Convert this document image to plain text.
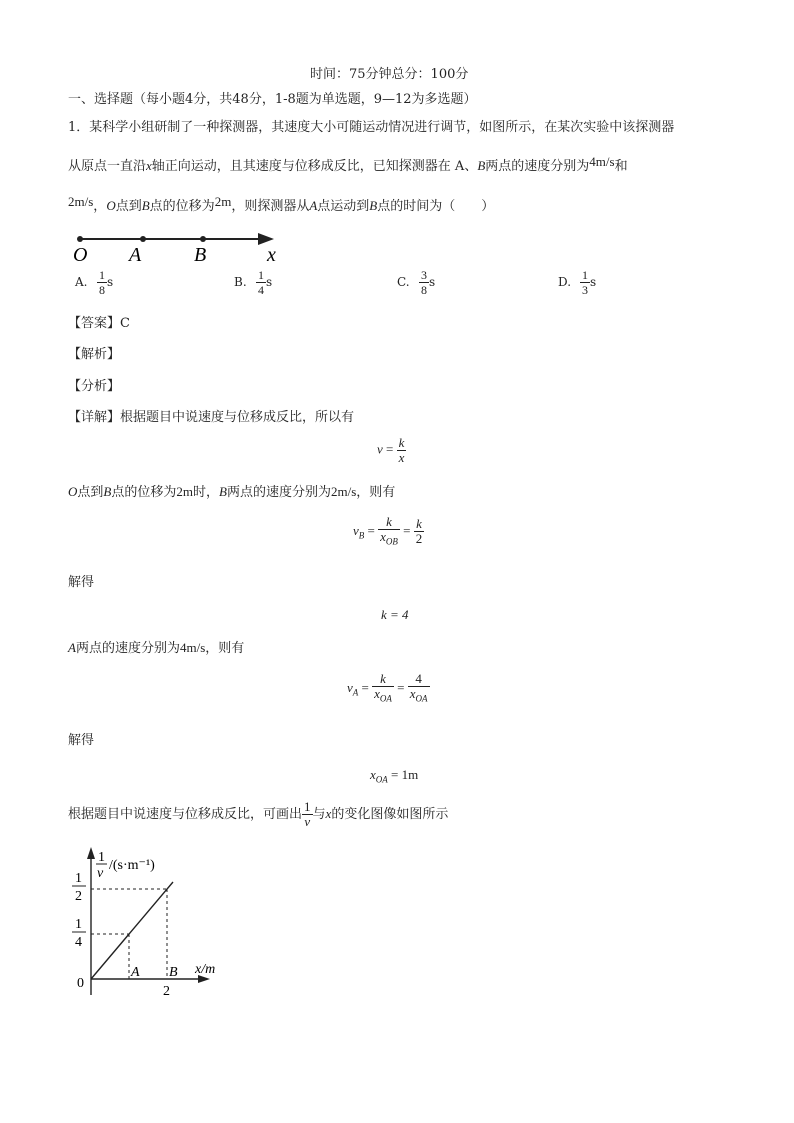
时间：75分钟总分：100分
一、选择题（每小题4分，共48分，1-8题为单选题，9—12为多选题）
1．某科学小组研制了一种探测器，其速度大小可随运动情况进行调节，如图所示，在某次实验中该探测器
从原点一直沿x轴正向运动，且其速度与位移成反比，已知探测器在 A、B两点的速度分别为4m/s和
2m/s，O点到B点的位移为2m，则探测器从A点运动到B点的时间为（　　）
O A	B	x
A. $\frac{1}{8}$ s	B. $\frac{1}{4}$ s	C. $\frac{3}{8}$ s	D. $\frac{1}{3}$ s
【答案】C
【解析】
【分析】
【详解】根据题目中说速度与位移成反比，所以有
$v = \frac{k}{x}$
O点到B点的位移为2m时，B两点的速度分别为2m/s，则有
$v_B = \frac{k}{x_{OB}} = \frac{k}{2}$
解得
k = 4
A两点的速度分别为4m/s，则有
$v_A = \frac{k}{x_{OA}} = \frac{4}{x_{OA}}$
解得
$x_{OA} = 1m$
根据题目中说速度与位移成反比，可画出 $\frac{1}{v}$ 与x的变化图像如图所示
1
v
/(s·m⁻¹)
1
2
1
4
x/m
0
A B
2
